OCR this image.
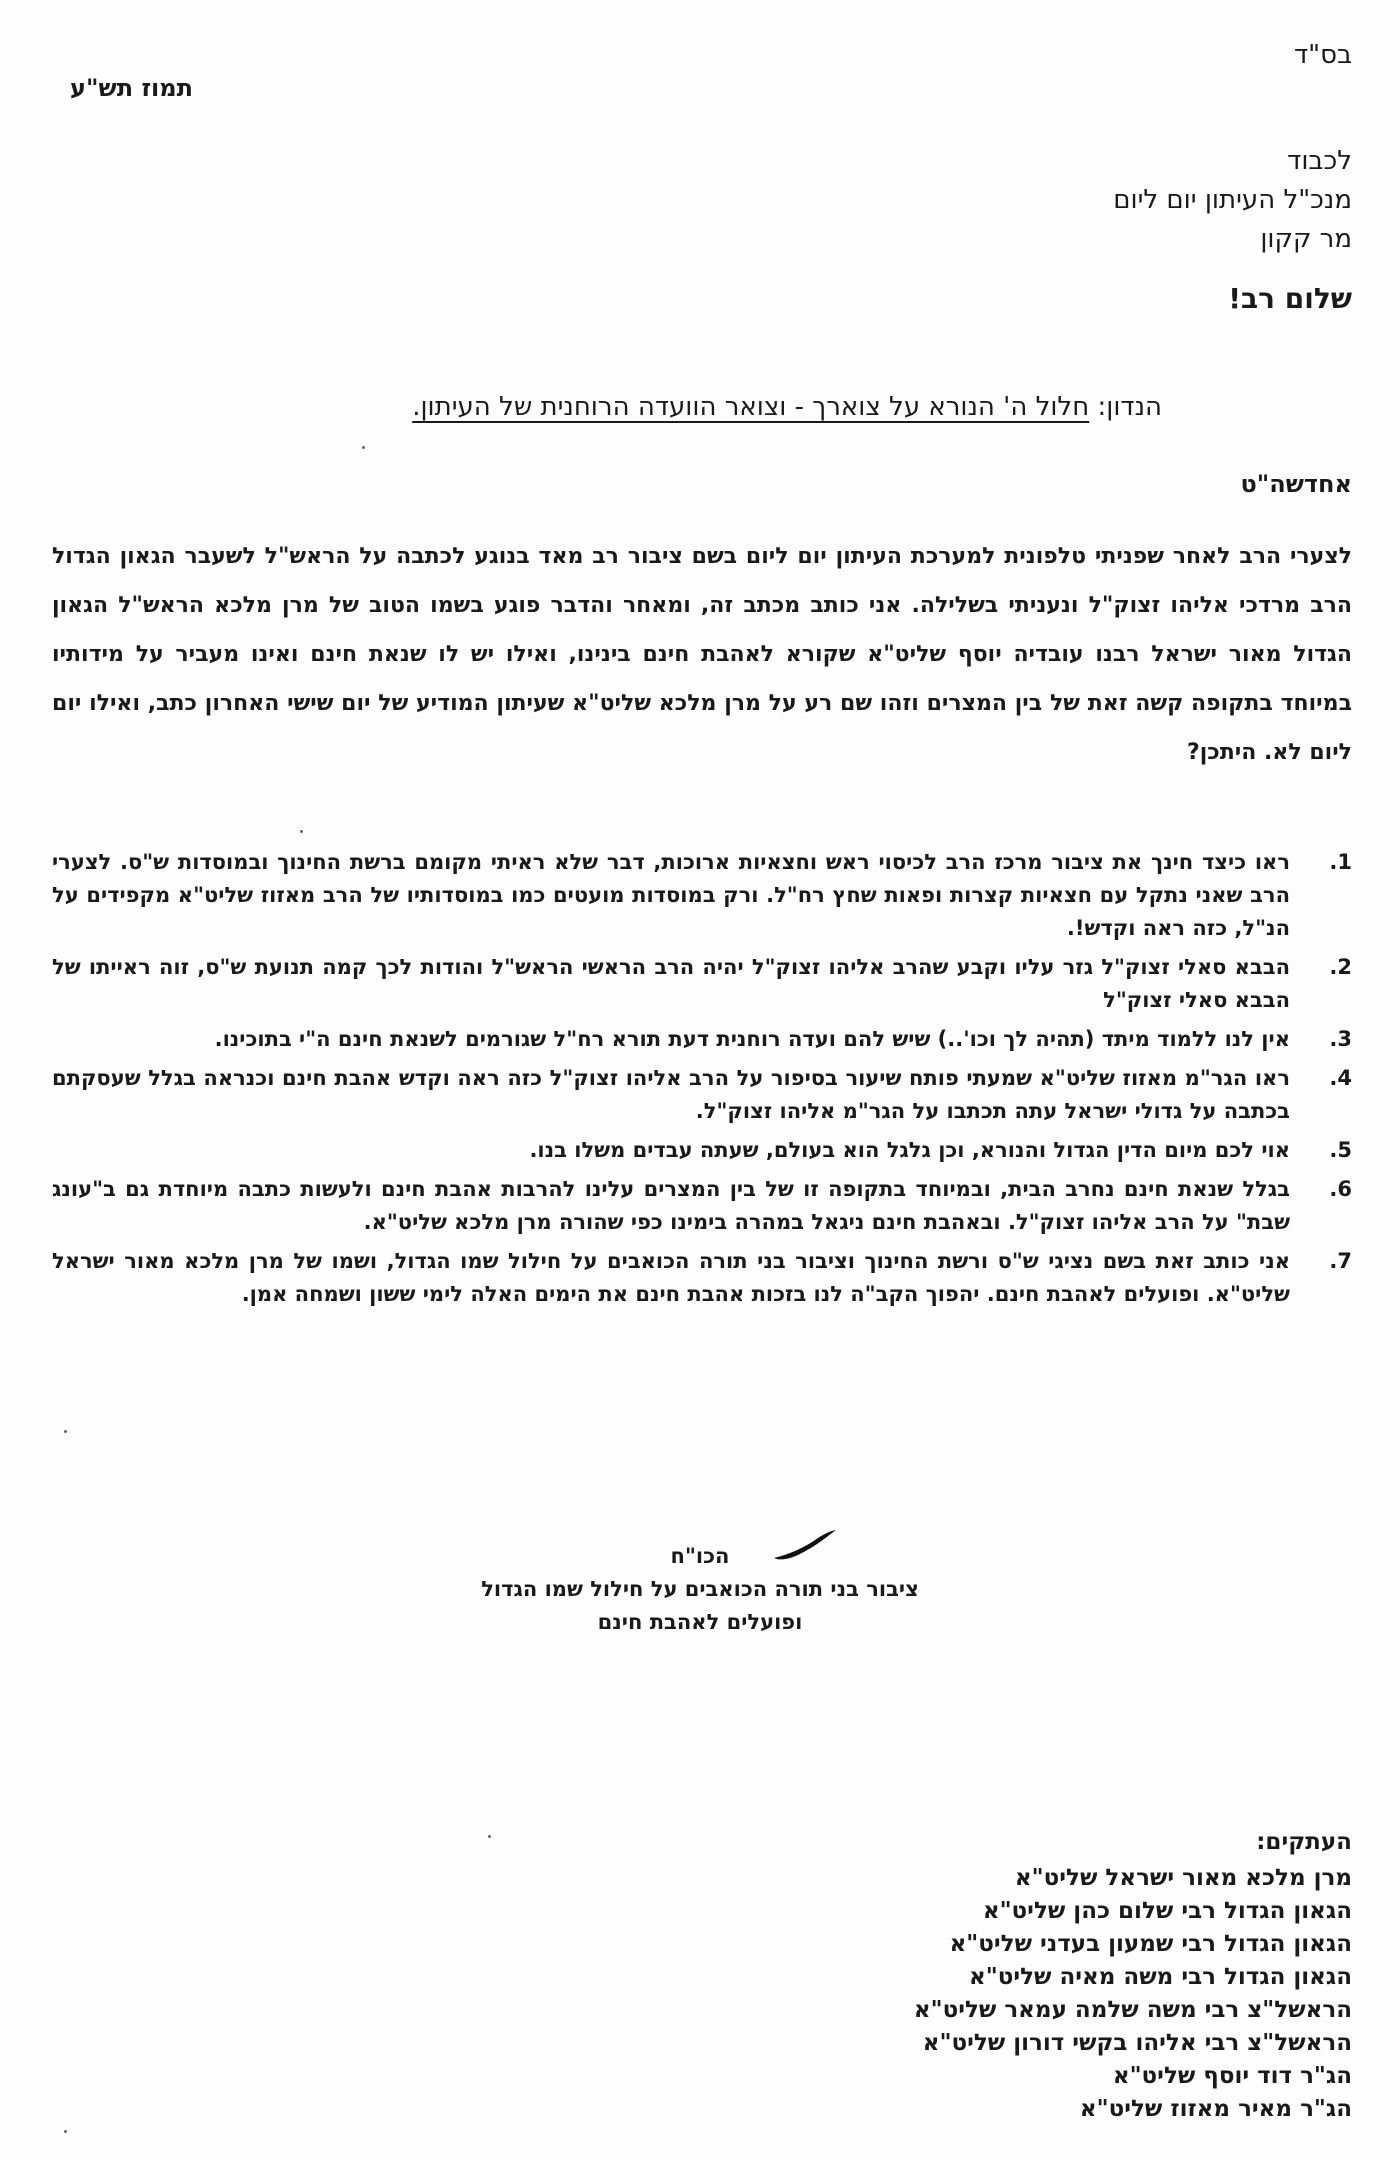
בס"ד
תמוז תש"ע
לכבוד
מנכ"ל העיתון יום ליום
מר קקון
שלום רב!
הנדון: חלול ה' הנורא על צוארך - וצואר הוועדה הרוחנית של העיתון.
אחדשה"ט
לצערי הרב לאחר שפניתי טלפונית למערכת העיתון יום ליום בשם ציבור רב מאד בנוגע לכתבה על הראש"ל לשעבר הגאון הגדול הרב מרדכי אליהו זצוק"ל ונעניתי בשלילה. אני כותב מכתב זה, ומאחר והדבר פוגע בשמו הטוב של מרן מלכא הראש"ל הגאון הגדול מאור ישראל רבנו עובדיה יוסף שליט"א שקורא לאהבת חינם בינינו, ואילו יש לו שנאת חינם ואינו מעביר על מידותיו במיוחד בתקופה קשה זאת של בין המצרים וזהו שם רע על מרן מלכא שליט"א שעיתון המודיע של יום שישי האחרון כתב, ואילו יום ליום לא. היתכן?
1.
ראו כיצד חינך את ציבור מרכז הרב לכיסוי ראש וחצאיות ארוכות, דבר שלא ראיתי מקומם ברשת החינוך ובמוסדות ש"ס. לצערי הרב שאני נתקל עם חצאיות קצרות ופאות שחץ רח"ל. ורק במוסדות מועטים כמו במוסדותיו של הרב מאזוז שליט"א מקפידים על הנ"ל, כזה ראה וקדש!.
2.
הבבא סאלי זצוק"ל גזר עליו וקבע שהרב אליהו זצוק"ל יהיה הרב הראשי הראש"ל והודות לכך קמה תנועת ש"ס, זוה ראייתו של הבבא סאלי זצוק"ל
3.
אין לנו ללמוד מיתד (תהיה לך וכו'..) שיש להם ועדה רוחנית דעת תורא רח"ל שגורמים לשנאת חינם ה"י בתוכינו.
4.
ראו הגר"מ מאזוז שליט"א שמעתי פותח שיעור בסיפור על הרב אליהו זצוק"ל כזה ראה וקדש אהבת חינם וכנראה בגלל שעסקתם בכתבה על גדולי ישראל עתה תכתבו על הגר"מ אליהו זצוק"ל.
5.
אוי לכם מיום הדין הגדול והנורא, וכן גלגל הוא בעולם, שעתה עבדים משלו בנו.
6.
בגלל שנאת חינם נחרב הבית, ובמיוחד בתקופה זו של בין המצרים עלינו להרבות אהבת חינם ולעשות כתבה מיוחדת גם ב"עונג שבת" על הרב אליהו זצוק"ל. ובאהבת חינם ניגאל במהרה בימינו כפי שהורה מרן מלכא שליט"א.
7.
אני כותב זאת בשם נציגי ש"ס ורשת החינוך וציבור בני תורה הכואבים על חילול שמו הגדול, ושמו של מרן מלכא מאור ישראל שליט"א. ופועלים לאהבת חינם. יהפוך הקב"ה לנו בזכות אהבת חינם את הימים האלה לימי ששון ושמחה אמן.
הכו"ח
ציבור בני תורה הכואבים על חילול שמו הגדול
ופועלים לאהבת חינם
העתקים:
מרן מלכא מאור ישראל שליט"א
הגאון הגדול רבי שלום כהן שליט"א
הגאון הגדול רבי שמעון בעדני שליט"א
הגאון הגדול רבי משה מאיה שליט"א
הראשל"צ רבי משה שלמה עמאר שליט"א
הראשל"צ רבי אליהו בקשי דורון שליט"א
הג"ר דוד יוסף שליט"א
הג"ר מאיר מאזוז שליט"א
